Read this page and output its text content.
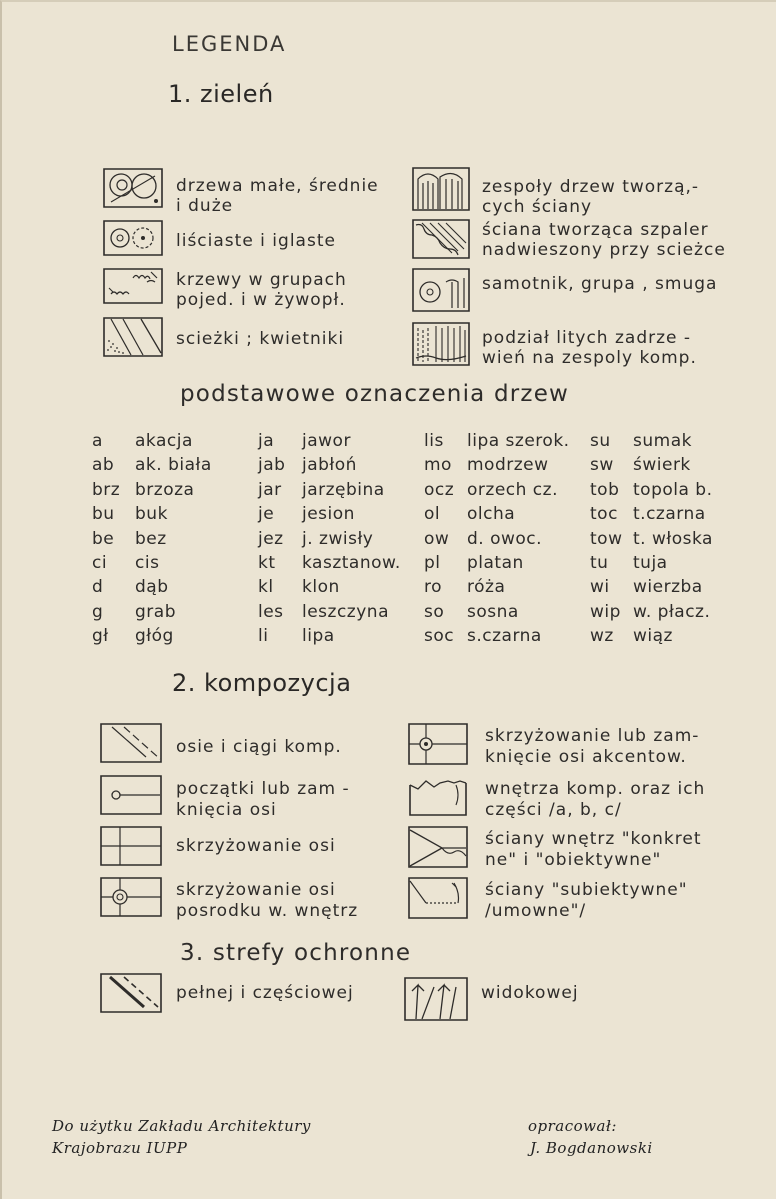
LEGENDA
1. zieleń
drzewa małe, średnie
i duże
liściaste i iglaste
krzewy w grupach
pojed. i w żywopł.
scieżki ; kwietniki
zespoły drzew tworzą,-
cych ściany
ściana tworząca szpaler
nadwieszony przy scieżce
samotnik, grupa , smuga
podział litych zadrze -
wień na zespoly komp.
podstawowe oznaczenia drzew
a akacja
ab ak. biała
brz brzoza
bu buk
be bez
ci cis
d dąb
g grab
gł głóg
ja jawor
jab jabłoń
jar jarzębina
je jesion
jez j. zwisły
kt kasztanow.
kl klon
les leszczyna
li lipa
lis lipa szerok.
mo modrzew
ocz orzech cz.
ol olcha
ow d. owoc.
pl platan
ro róża
so sosna
soc s.czarna
su sumak
sw świerk
tob topola b.
toc t.czarna
tow t. włoska
tu tuja
wi wierzba
wip w. płacz.
wz wiąz
2. kompozycja
osie i ciągi komp.
początki lub zam -
knięcia osi
skrzyżowanie osi
skrzyżowanie osi
posrodku w. wnętrz
skrzyżowanie lub zam-
knięcie osi akcentow.
wnętrza komp. oraz ich
części /a, b, c/
ściany wnętrz "konkret
ne" i "obiektywne"
ściany "subiektywne"
/umowne"/
3. strefy ochronne
pełnej i częściowej	widokowej
Do użytku Zakładu Architektury
Krajobrazu IUPP
opracował:
J. Bogdanowski
